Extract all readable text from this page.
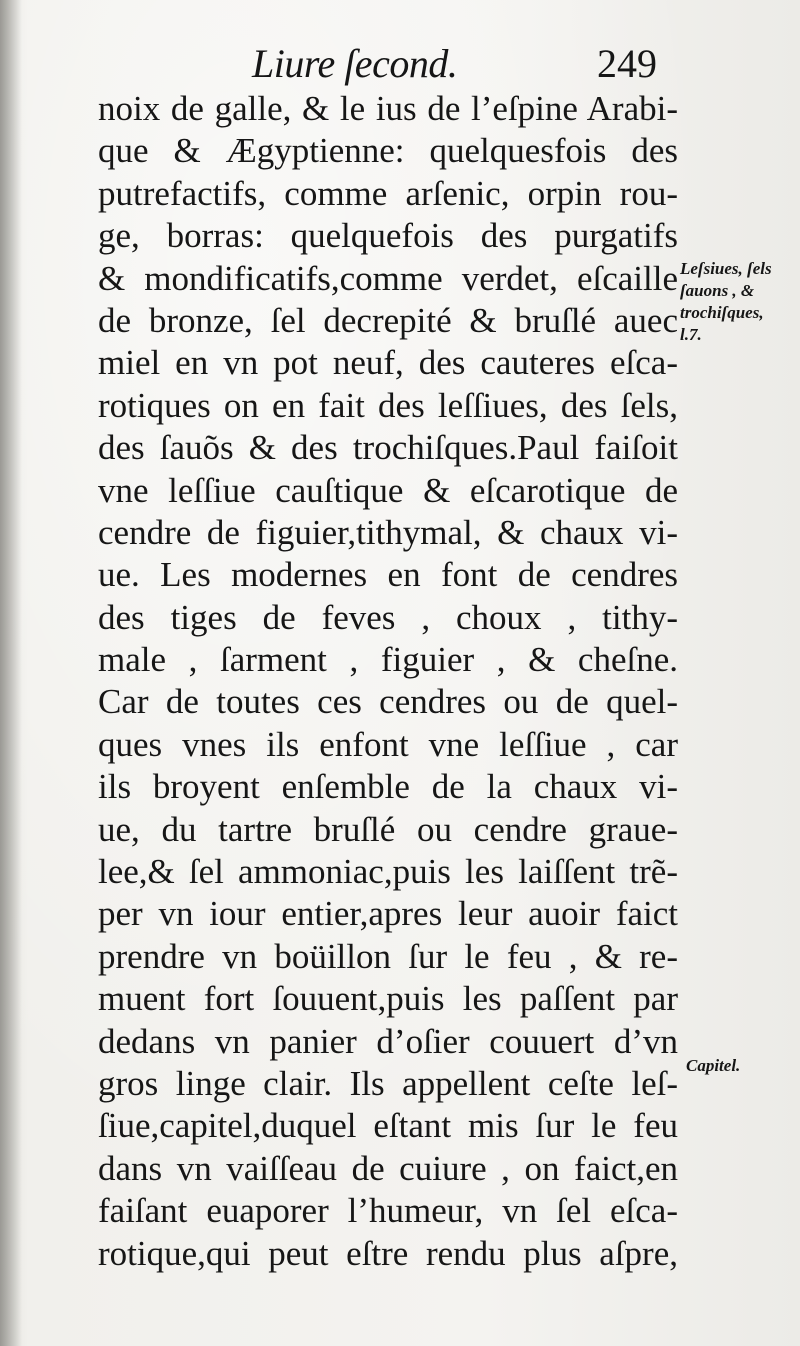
Liure ſecond.	249
noix de galle, & le ius de l’eſpine Arabi-
que & Ægyptienne: quelquesfois des
putrefactifs, comme arſenic, orpin rou-
ge, borras: quelquefois des purgatifs
& mondificatifs,comme verdet, eſcaille
de bronze, ſel decrepité & bruſlé auec
miel en vn pot neuf, des cauteres eſca-
rotiques on en fait des leſſiues, des ſels,
des ſauõs & des trochiſques.Paul faiſoit
vne leſſiue cauſtique & eſcarotique de
cendre de figuier,tithymal, & chaux vi-
ue. Les modernes en font de cendres
des tiges de feves , choux , tithy-
male , ſarment , figuier , & cheſne.
Car de toutes ces cendres ou de quel-
ques vnes ils enfont vne leſſiue , car
ils broyent enſemble de la chaux vi-
ue, du tartre bruſlé ou cendre graue-
lee,& ſel ammoniac,puis les laiſſent trẽ-
per vn iour entier,apres leur auoir faict
prendre vn boüillon ſur le feu , & re-
muent fort ſouuent,puis les paſſent par
dedans vn panier d’oſier couuert d’vn
gros linge clair. Ils appellent ceſte leſ-
ſiue,capitel,duquel eſtant mis ſur le feu
dans vn vaiſſeau de cuiure , on faict,en
faiſant euaporer l’humeur, vn ſel eſca-
rotique,qui peut eſtre rendu plus aſpre,
Leſsiues, ſels
ſauons , &
trochiſques,
l.7.
Capitel.
